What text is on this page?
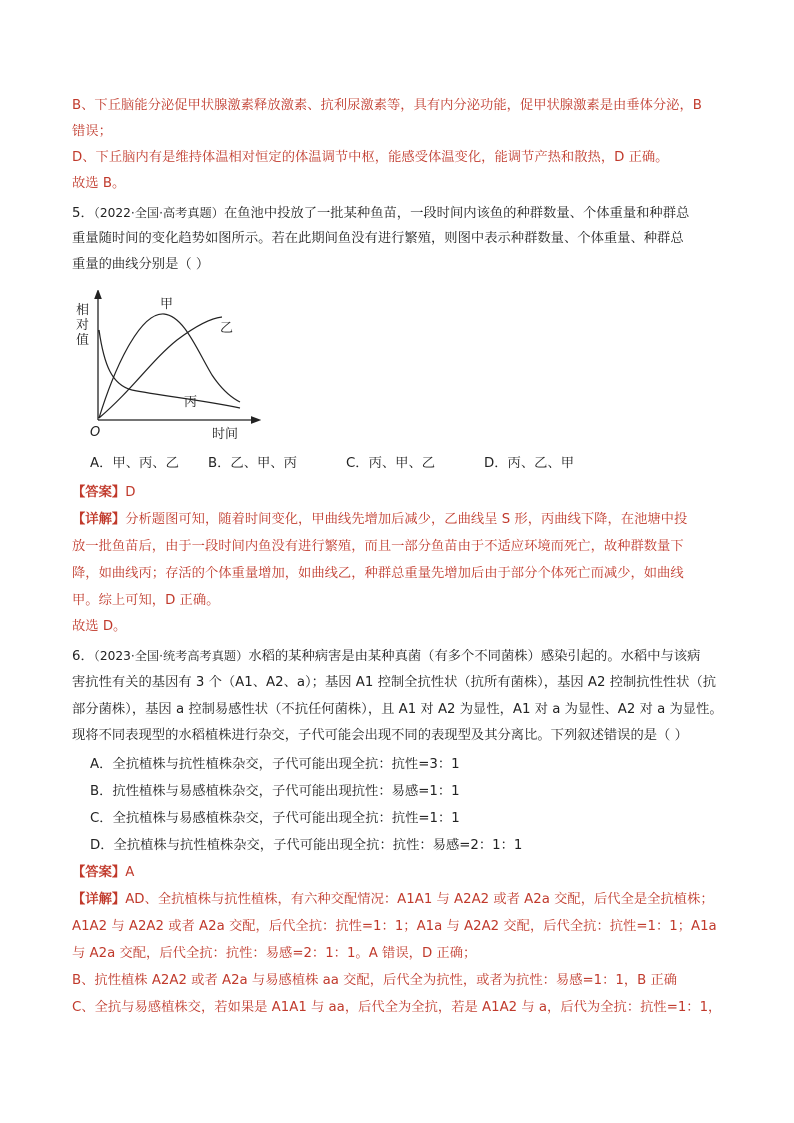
B、下丘脑能分泌促甲状腺激素释放激素、抗利尿激素等，具有内分泌功能，促甲状腺激素是由垂体分泌，B
错误；
D、下丘脑内有是维持体温相对恒定的体温调节中枢，能感受体温变化，能调节产热和散热，D 正确。
故选 B。
5．（2022·全国·高考真题）在鱼池中投放了一批某种鱼苗，一段时间内该鱼的种群数量、个体重量和种群总
重量随时间的变化趋势如图所示。若在此期间鱼没有进行繁殖，则图中表示种群数量、个体重量、种群总
重量的曲线分别是（ ）
相对值
时间
O
甲
乙
丙
A．甲、丙、乙 B．乙、甲、丙	C．丙、甲、乙	D．丙、乙、甲
【答案】D
【详解】分析题图可知，随着时间变化，甲曲线先增加后减少，乙曲线呈 S 形，丙曲线下降，在池塘中投
放一批鱼苗后，由于一段时间内鱼没有进行繁殖，而且一部分鱼苗由于不适应环境而死亡，故种群数量下
降，如曲线丙；存活的个体重量增加，如曲线乙，种群总重量先增加后由于部分个体死亡而减少，如曲线
甲。综上可知，D 正确。
故选 D。
6．（2023·全国·统考高考真题）水稻的某种病害是由某种真菌（有多个不同菌株）感染引起的。水稻中与该病
害抗性有关的基因有 3 个（A1、A2、a）；基因 A1 控制全抗性状（抗所有菌株），基因 A2 控制抗性性状（抗
部分菌株），基因 a 控制易感性状（不抗任何菌株），且 A1 对 A2 为显性，A1 对 a 为显性、A2 对 a 为显性。
现将不同表现型的水稻植株进行杂交，子代可能会出现不同的表现型及其分离比。下列叙述错误的是（ ）
A．全抗植株与抗性植株杂交，子代可能出现全抗：抗性=3：1
B．抗性植株与易感植株杂交，子代可能出现抗性：易感=1：1
C．全抗植株与易感植株杂交，子代可能出现全抗：抗性=1：1
D．全抗植株与抗性植株杂交，子代可能出现全抗：抗性：易感=2：1：1
【答案】A
【详解】AD、全抗植株与抗性植株，有六种交配情况：A1A1 与 A2A2 或者 A2a 交配，后代全是全抗植株；
A1A2 与 A2A2 或者 A2a 交配，后代全抗：抗性=1：1；A1a 与 A2A2 交配，后代全抗：抗性=1：1；A1a
与 A2a 交配，后代全抗：抗性：易感=2：1：1。A 错误，D 正确；
B、抗性植株 A2A2 或者 A2a 与易感植株 aa 交配，后代全为抗性，或者为抗性：易感=1：1，B 正确
C、全抗与易感植株交，若如果是 A1A1 与 aa，后代全为全抗，若是 A1A2 与 a，后代为全抗：抗性=1：1，
